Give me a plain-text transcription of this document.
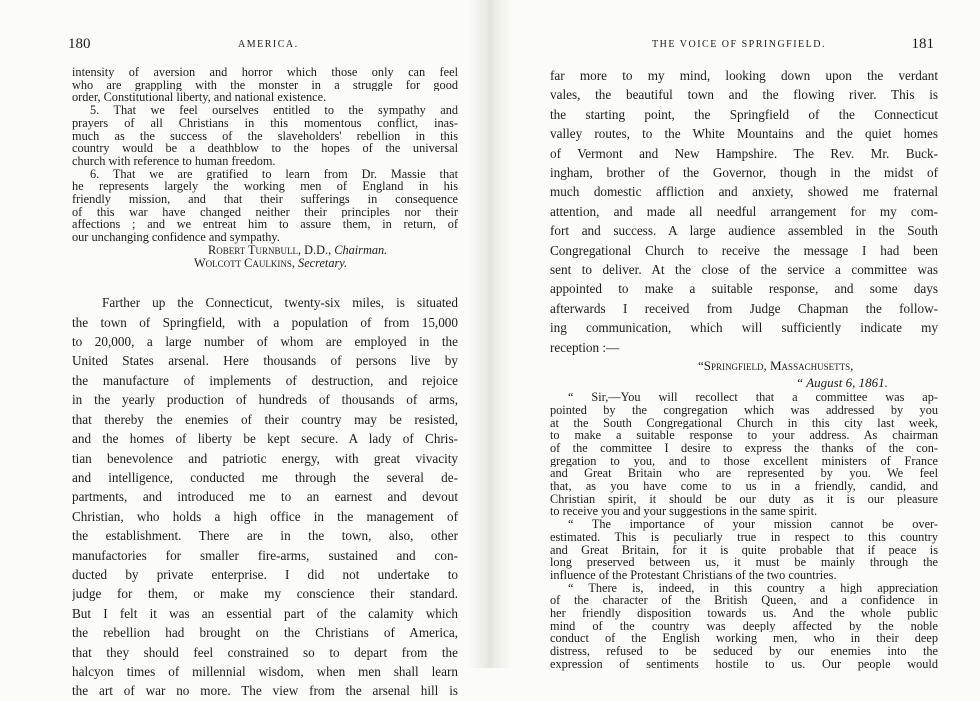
180	AMERICA.
intensity of aversion and horror which those only can feel
who are grappling with the monster in a struggle for good
order, Constitutional liberty, and national existence.
5. That we feel ourselves entitled to the sympathy and
prayers of all Christians in this momentous conflict, inas-
much as the success of the slaveholders' rebellion in this
country would be a deathblow to the hopes of the universal
church with reference to human freedom.
6. That we are gratified to learn from Dr. Massie that
he represents largely the working men of England in his
friendly mission, and that their sufferings in consequence
of this war have changed neither their principles nor their
affections ; and we entreat him to assure them, in return, of
our unchanging confidence and sympathy.
Robert Turnbull, D.D., Chairman.
Wolcott Caulkins, Secretary.
Farther up the Connecticut, twenty-six miles, is situated
the town of Springfield, with a population of from 15,000
to 20,000, a large number of whom are employed in the
United States arsenal. Here thousands of persons live by
the manufacture of implements of destruction, and rejoice
in the yearly production of hundreds of thousands of arms,
that thereby the enemies of their country may be resisted,
and the homes of liberty be kept secure. A lady of Chris-
tian benevolence and patriotic energy, with great vivacity
and intelligence, conducted me through the several de-
partments, and introduced me to an earnest and devout
Christian, who holds a high office in the management of
the establishment. There are in the town, also, other
manufactories for smaller fire-arms, sustained and con-
ducted by private enterprise. I did not undertake to
judge for them, or make my conscience their standard.
But I felt it was an essential part of the calamity which
the rebellion had brought on the Christians of America,
that they should feel constrained so to depart from the
halcyon times of millennial wisdom, when men shall learn
the art of war no more. The view from the arsenal hill is
THE VOICE OF SPRINGFIELD.	181
far more to my mind, looking down upon the verdant
vales, the beautiful town and the flowing river. This is
the starting point, the Springfield of the Connecticut
valley routes, to the White Mountains and the quiet homes
of Vermont and New Hampshire. The Rev. Mr. Buck-
ingham, brother of the Governor, though in the midst of
much domestic affliction and anxiety, showed me fraternal
attention, and made all needful arrangement for my com-
fort and success. A large audience assembled in the South
Congregational Church to receive the message I had been
sent to deliver. At the close of the service a committee was
appointed to make a suitable response, and some days
afterwards I received from Judge Chapman the follow-
ing communication, which will sufficiently indicate my
reception :—
“Springfield, Massachusetts,
“ August 6, 1861.
“ Sir,—You will recollect that a committee was ap-
pointed by the congregation which was addressed by you
at the South Congregational Church in this city last week,
to make a suitable response to your address. As chairman
of the committee I desire to express the thanks of the con-
gregation to you, and to those excellent ministers of France
and Great Britain who are represented by you. We feel
that, as you have come to us in a friendly, candid, and
Christian spirit, it should be our duty as it is our pleasure
to receive you and your suggestions in the same spirit.
“ The importance of your mission cannot be over-
estimated. This is peculiarly true in respect to this country
and Great Britain, for it is quite probable that if peace is
long preserved between us, it must be mainly through the
influence of the Protestant Christians of the two countries.
“ There is, indeed, in this country a high appreciation
of the character of the British Queen, and a confidence in
her friendly disposition towards us. And the whole public
mind of the country was deeply affected by the noble
conduct of the English working men, who in their deep
distress, refused to be seduced by our enemies into the
expression of sentiments hostile to us. Our people would
